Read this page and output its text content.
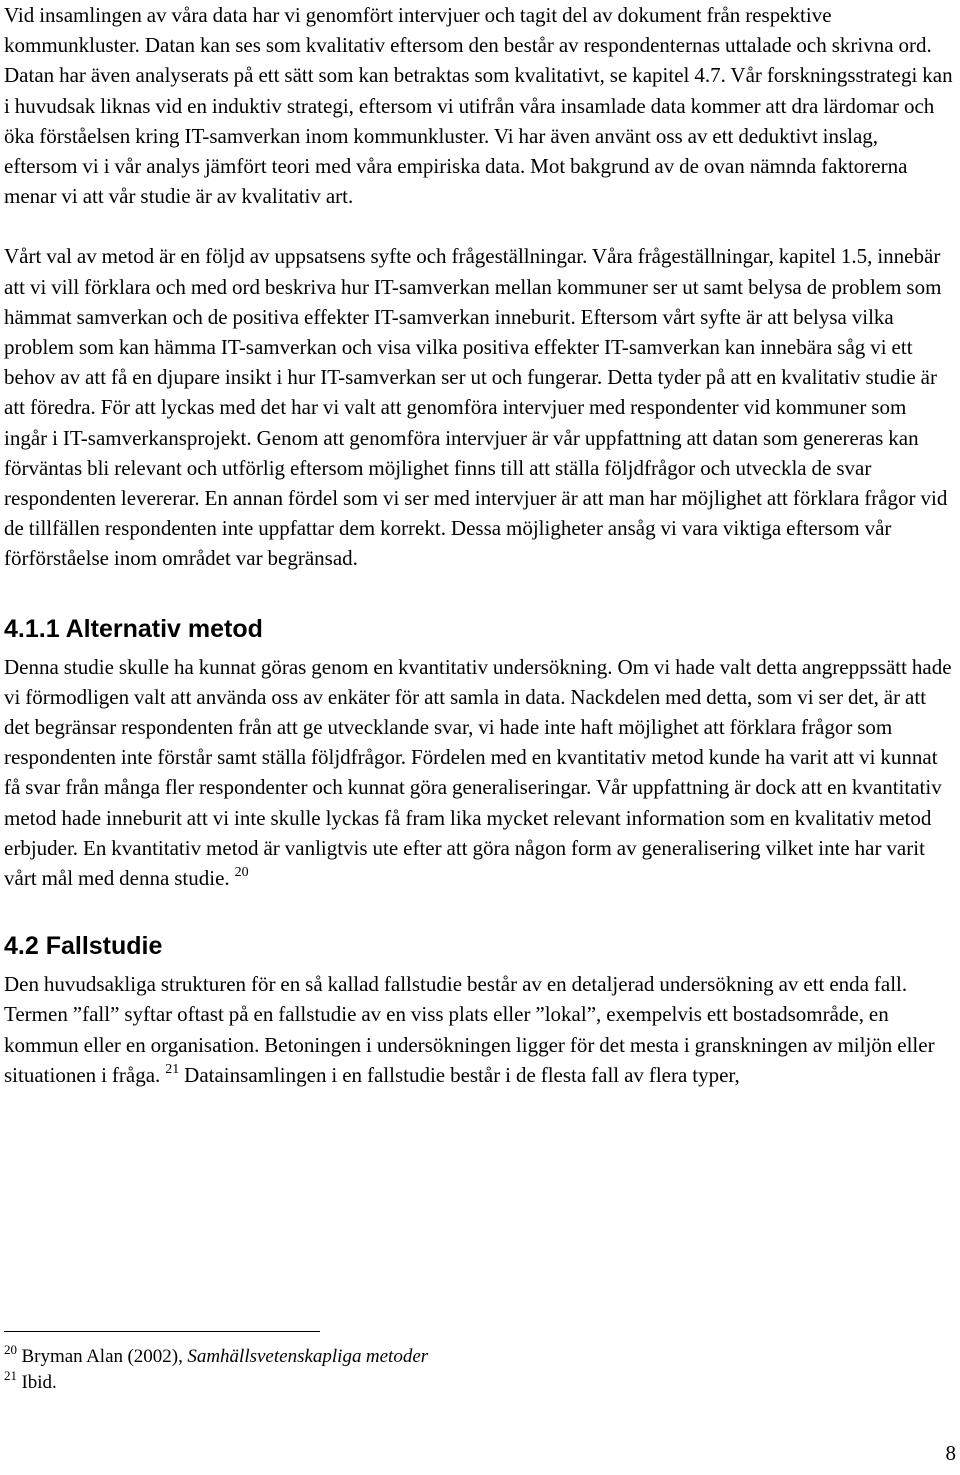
Vid insamlingen av våra data har vi genomfört intervjuer och tagit del av dokument från respektive kommunkluster. Datan kan ses som kvalitativ eftersom den består av respondenternas uttalade och skrivna ord. Datan har även analyserats på ett sätt som kan betraktas som kvalitativt, se kapitel 4.7. Vår forskningsstrategi kan i huvudsak liknas vid en induktiv strategi, eftersom vi utifrån våra insamlade data kommer att dra lärdomar och öka förståelsen kring IT-samverkan inom kommunkluster. Vi har även använt oss av ett deduktivt inslag, eftersom vi i vår analys jämfört teori med våra empiriska data. Mot bakgrund av de ovan nämnda faktorerna menar vi att vår studie är av kvalitativ art.

Vårt val av metod är en följd av uppsatsens syfte och frågeställningar. Våra frågeställningar, kapitel 1.5, innebär att vi vill förklara och med ord beskriva hur IT-samverkan mellan kommuner ser ut samt belysa de problem som hämmat samverkan och de positiva effekter IT-samverkan inneburit. Eftersom vårt syfte är att belysa vilka problem som kan hämma IT-samverkan och visa vilka positiva effekter IT-samverkan kan innebära såg vi ett behov av att få en djupare insikt i hur IT-samverkan ser ut och fungerar. Detta tyder på att en kvalitativ studie är att föredra. För att lyckas med det har vi valt att genomföra intervjuer med respondenter vid kommuner som ingår i IT-samverkansprojekt. Genom att genomföra intervjuer är vår uppfattning att datan som genereras kan förväntas bli relevant och utförlig eftersom möjlighet finns till att ställa följdfrågor och utveckla de svar respondenten levererar. En annan fördel som vi ser med intervjuer är att man har möjlighet att förklara frågor vid de tillfällen respondenten inte uppfattar dem korrekt. Dessa möjligheter ansåg vi vara viktiga eftersom vår förförståelse inom området var begränsad.

4.1.1 Alternativ metod

Denna studie skulle ha kunnat göras genom en kvantitativ undersökning. Om vi hade valt detta angreppssätt hade vi förmodligen valt att använda oss av enkäter för att samla in data. Nackdelen med detta, som vi ser det, är att det begränsar respondenten från att ge utvecklande svar, vi hade inte haft möjlighet att förklara frågor som respondenten inte förstår samt ställa följdfrågor. Fördelen med en kvantitativ metod kunde ha varit att vi kunnat få svar från många fler respondenter och kunnat göra generaliseringar. Vår uppfattning är dock att en kvantitativ metod hade inneburit att vi inte skulle lyckas få fram lika mycket relevant information som en kvalitativ metod erbjuder. En kvantitativ metod är vanligtvis ute efter att göra någon form av generalisering vilket inte har varit vårt mål med denna studie. $^{20}$

4.2 Fallstudie

Den huvudsakliga strukturen för en så kallad fallstudie består av en detaljerad undersökning av ett enda fall. Termen ”fall” syftar oftast på en fallstudie av en viss plats eller ”lokal”, exempelvis ett bostadsområde, en kommun eller en organisation. Betoningen i undersökningen ligger för det mesta i granskningen av miljön eller situationen i fråga. $^{21}$ Datainsamlingen i en fallstudie består i de flesta fall av flera typer,

$^{20}$ Bryman Alan (2002), Samhällsvetenskapliga metoder

$^{21}$ Ibid.

8
